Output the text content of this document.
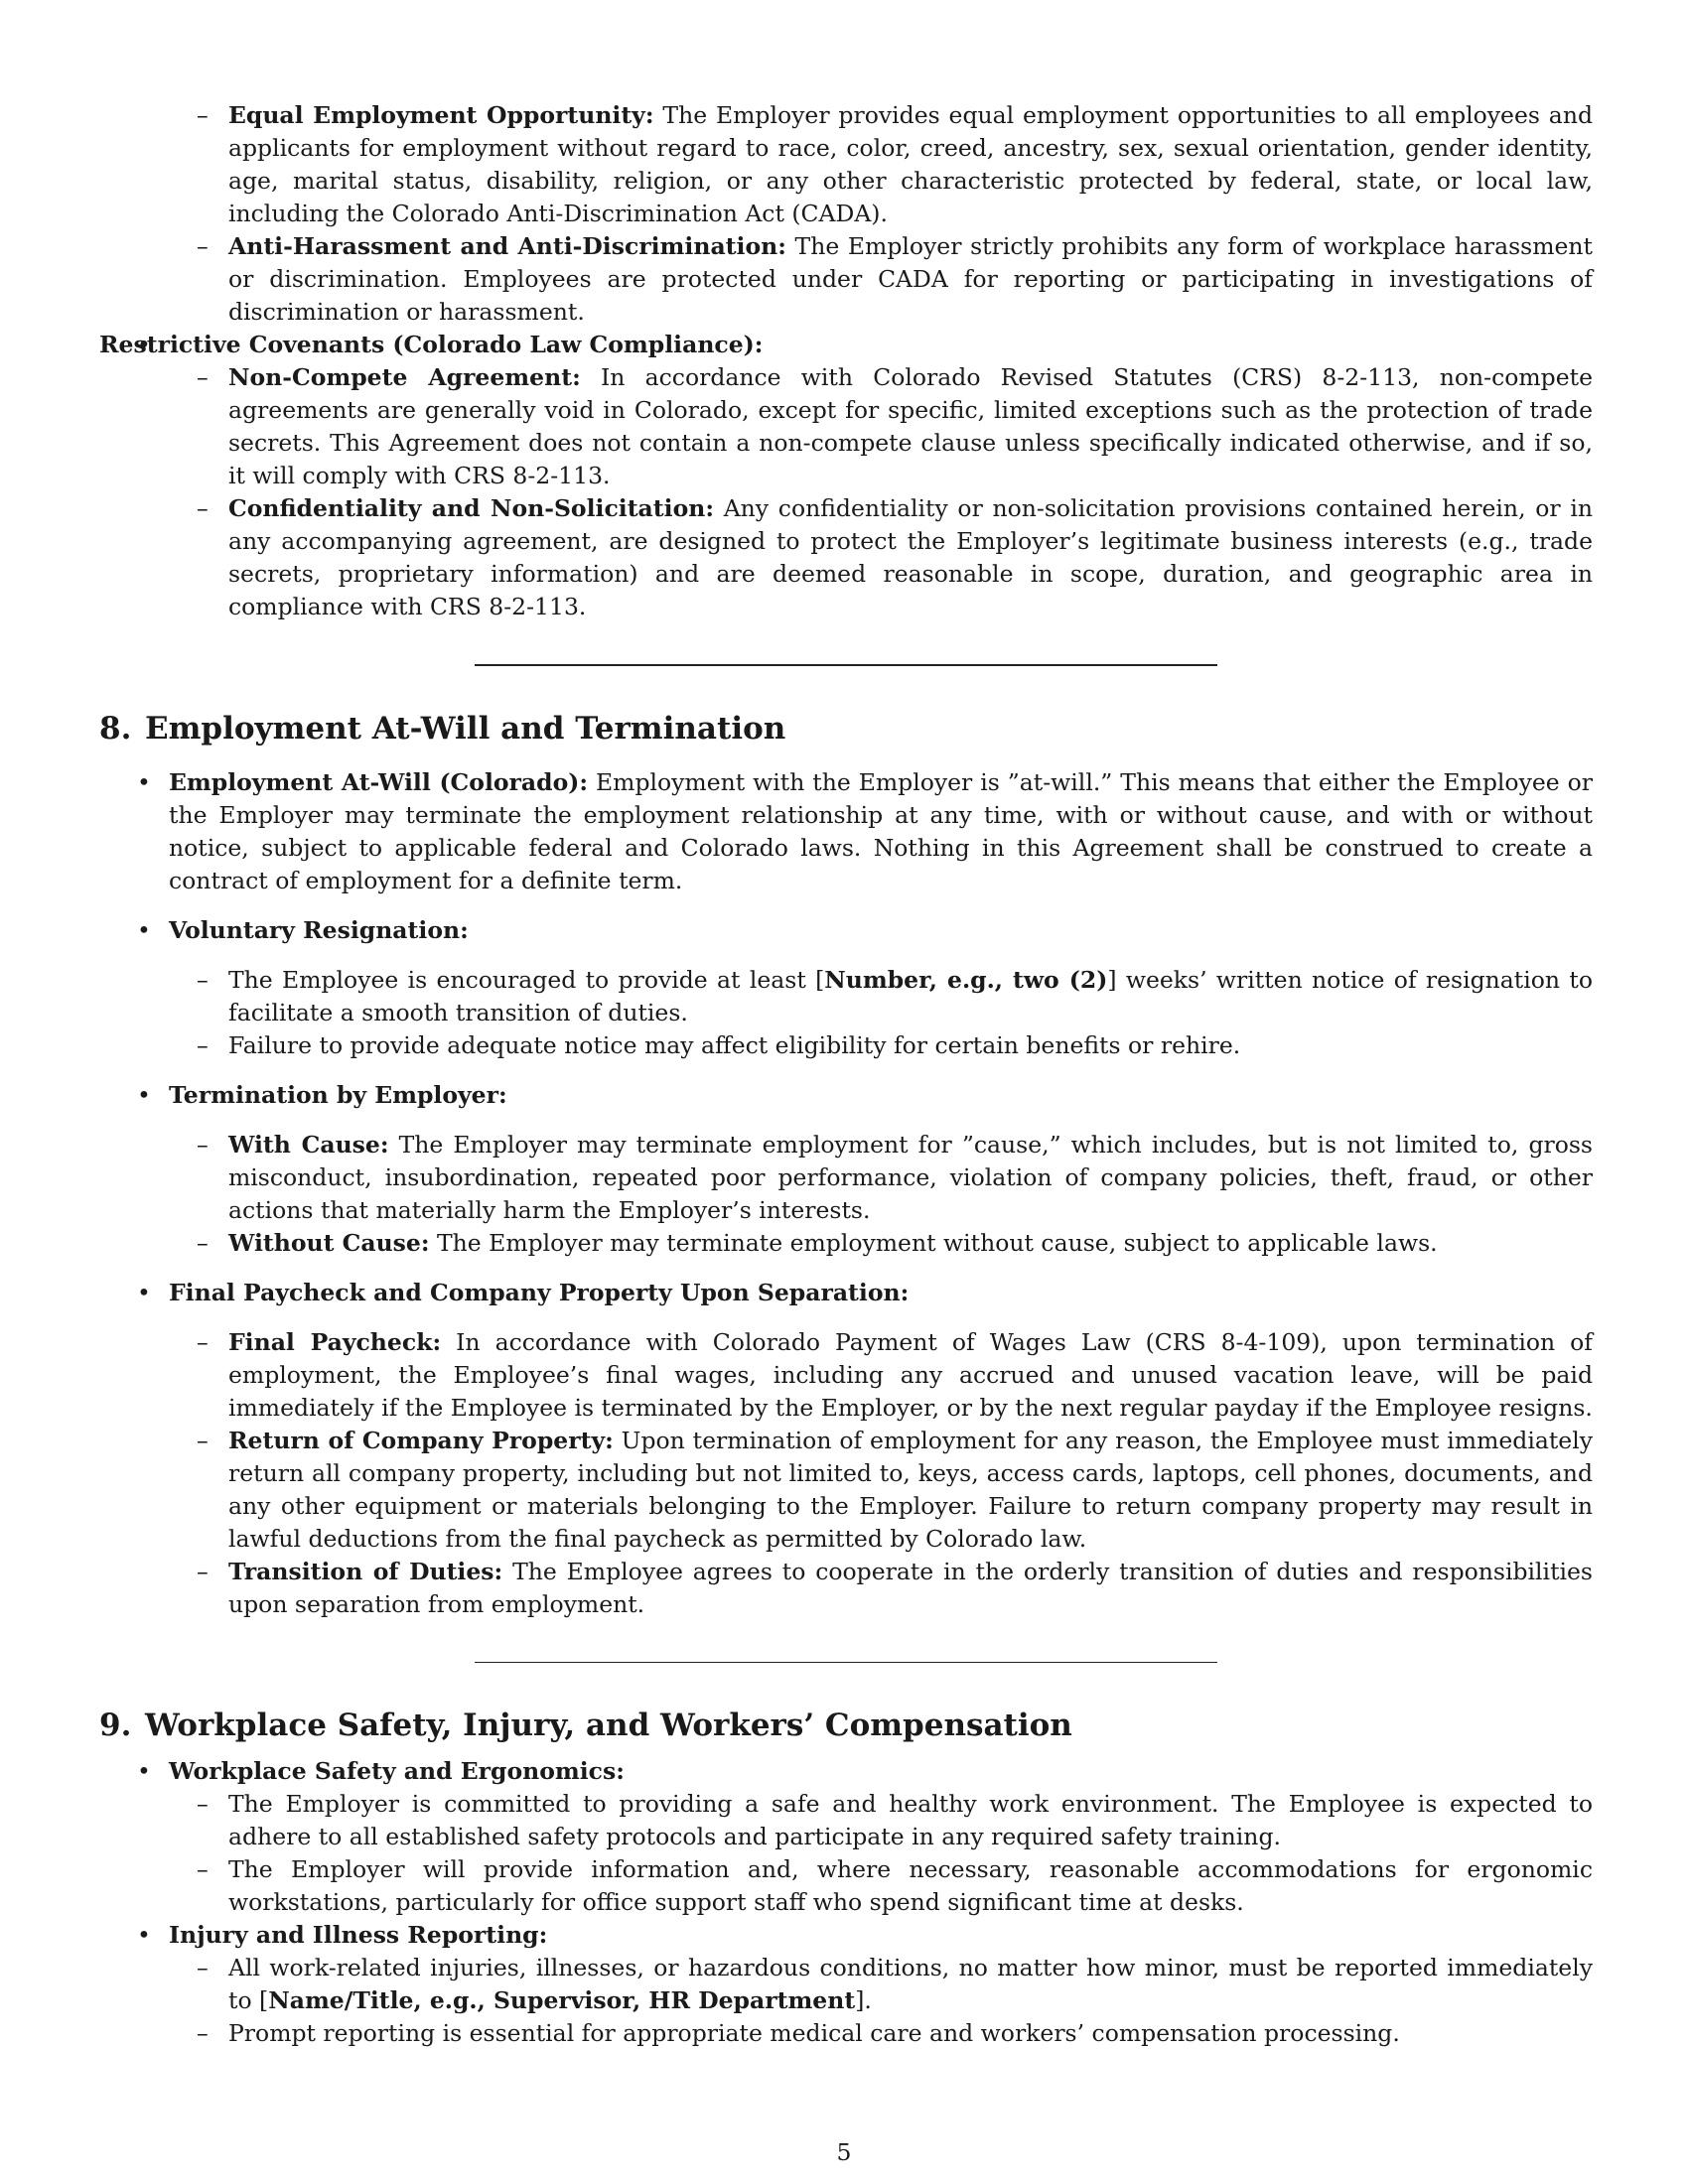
– Equal Employment Opportunity: The Employer provides equal employment opportunities to all employees and applicants for employment without regard to race, color, creed, ancestry, sex, sexual orientation, gender identity, age, marital status, disability, religion, or any other characteristic protected by federal, state, or local law, including the Colorado Anti-Discrimination Act (CADA).
– Anti-Harassment and Anti-Discrimination: The Employer strictly prohibits any form of workplace harassment or discrimination. Employees are protected under CADA for reporting or participating in investigations of discrimination or harassment.
• Restrictive Covenants (Colorado Law Compliance):
– Non-Compete Agreement: In accordance with Colorado Revised Statutes (CRS) 8-2-113, non-compete agreements are generally void in Colorado, except for specific, limited exceptions such as the protection of trade secrets. This Agreement does not contain a non-compete clause unless specifically indicated otherwise, and if so, it will comply with CRS 8-2-113.
– Confidentiality and Non-Solicitation: Any confidentiality or non-solicitation provisions contained herein, or in any accompanying agreement, are designed to protect the Employer’s legitimate business interests (e.g., trade secrets, proprietary information) and are deemed reasonable in scope, duration, and geographic area in compliance with CRS 8-2-113.
8. Employment At-Will and Termination
• Employment At-Will (Colorado): Employment with the Employer is ”at-will.” This means that either the Employee or the Employer may terminate the employment relationship at any time, with or without cause, and with or without notice, subject to applicable federal and Colorado laws. Nothing in this Agreement shall be construed to create a contract of employment for a definite term.
• Voluntary Resignation:
– The Employee is encouraged to provide at least [Number, e.g., two (2)] weeks’ written notice of resignation to facilitate a smooth transition of duties.
– Failure to provide adequate notice may affect eligibility for certain benefits or rehire.
• Termination by Employer:
– With Cause: The Employer may terminate employment for ”cause,” which includes, but is not limited to, gross misconduct, insubordination, repeated poor performance, violation of company policies, theft, fraud, or other actions that materially harm the Employer’s interests.
– Without Cause: The Employer may terminate employment without cause, subject to applicable laws.
• Final Paycheck and Company Property Upon Separation:
– Final Paycheck: In accordance with Colorado Payment of Wages Law (CRS 8-4-109), upon termination of employment, the Employee’s final wages, including any accrued and unused vacation leave, will be paid immediately if the Employee is terminated by the Employer, or by the next regular payday if the Employee resigns.
– Return of Company Property: Upon termination of employment for any reason, the Employee must immediately return all company property, including but not limited to, keys, access cards, laptops, cell phones, documents, and any other equipment or materials belonging to the Employer. Failure to return company property may result in lawful deductions from the final paycheck as permitted by Colorado law.
– Transition of Duties: The Employee agrees to cooperate in the orderly transition of duties and responsibilities upon separation from employment.
9. Workplace Safety, Injury, and Workers’ Compensation
• Workplace Safety and Ergonomics:
– The Employer is committed to providing a safe and healthy work environment. The Employee is expected to adhere to all established safety protocols and participate in any required safety training.
– The Employer will provide information and, where necessary, reasonable accommodations for ergonomic workstations, particularly for office support staff who spend significant time at desks.
• Injury and Illness Reporting:
– All work-related injuries, illnesses, or hazardous conditions, no matter how minor, must be reported immediately to [Name/Title, e.g., Supervisor, HR Department].
– Prompt reporting is essential for appropriate medical care and workers’ compensation processing.
5
